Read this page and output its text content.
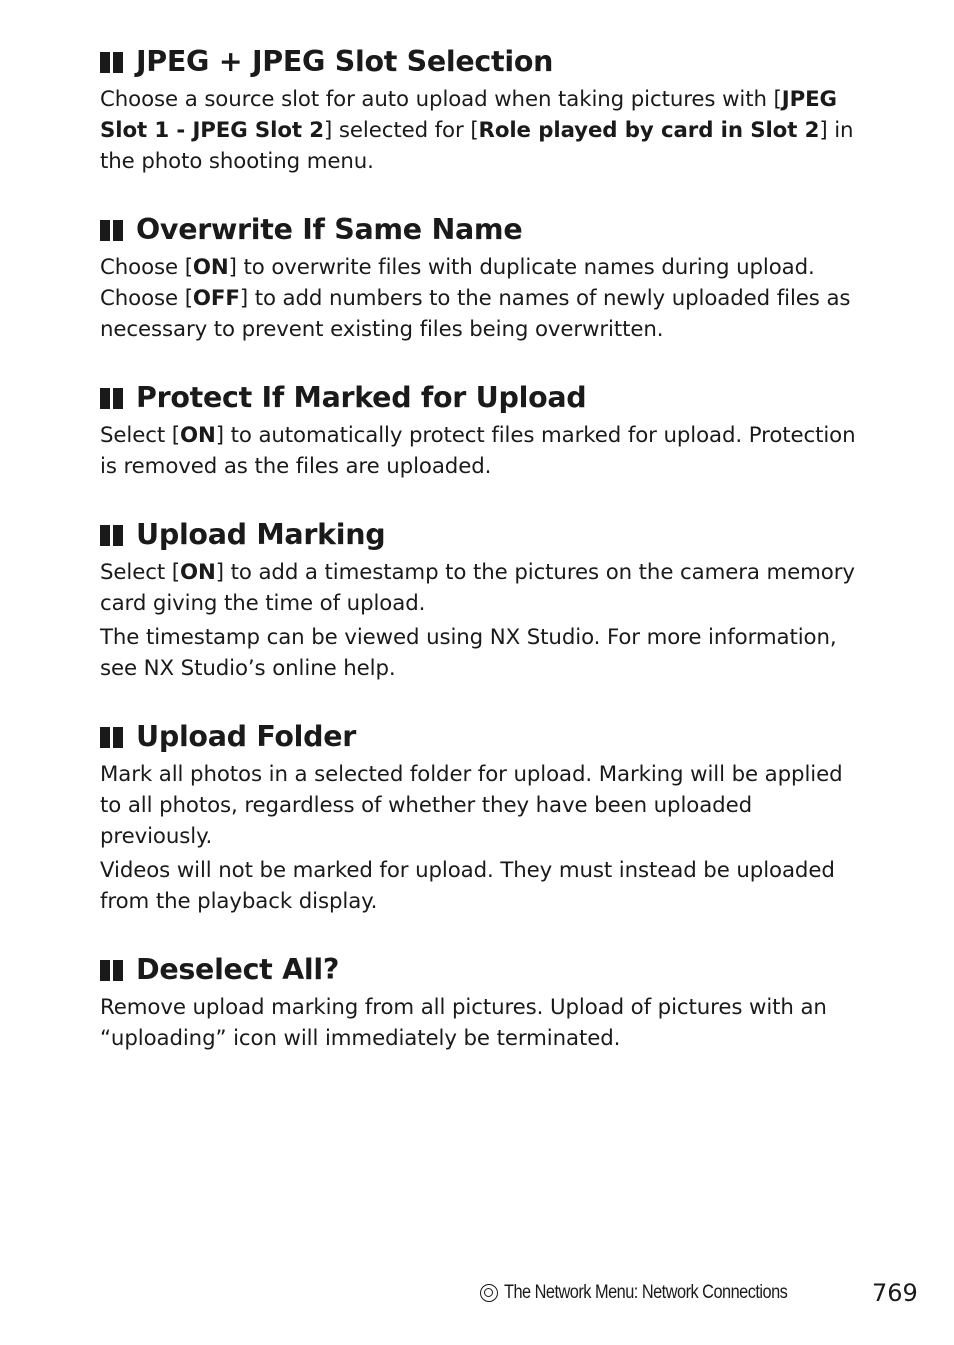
JPEG + JPEG Slot Selection

Choose a source slot for auto upload when taking pictures with [JPEG Slot 1 - JPEG Slot 2] selected for [Role played by card in Slot 2] in the photo shooting menu.

Overwrite If Same Name

Choose [ON] to overwrite files with duplicate names during upload. Choose [OFF] to add numbers to the names of newly uploaded files as necessary to prevent existing files being overwritten.

Protect If Marked for Upload

Select [ON] to automatically protect files marked for upload. Protection is removed as the files are uploaded.

Upload Marking

Select [ON] to add a timestamp to the pictures on the camera memory card giving the time of upload.

The timestamp can be viewed using NX Studio. For more information, see NX Studio’s online help.

Upload Folder

Mark all photos in a selected folder for upload. Marking will be applied to all photos, regardless of whether they have been uploaded previously.

Videos will not be marked for upload. They must instead be uploaded from the playback display.

Deselect All?

Remove upload marking from all pictures. Upload of pictures with an “uploading” icon will immediately be terminated.

The Network Menu: Network Connections	769
